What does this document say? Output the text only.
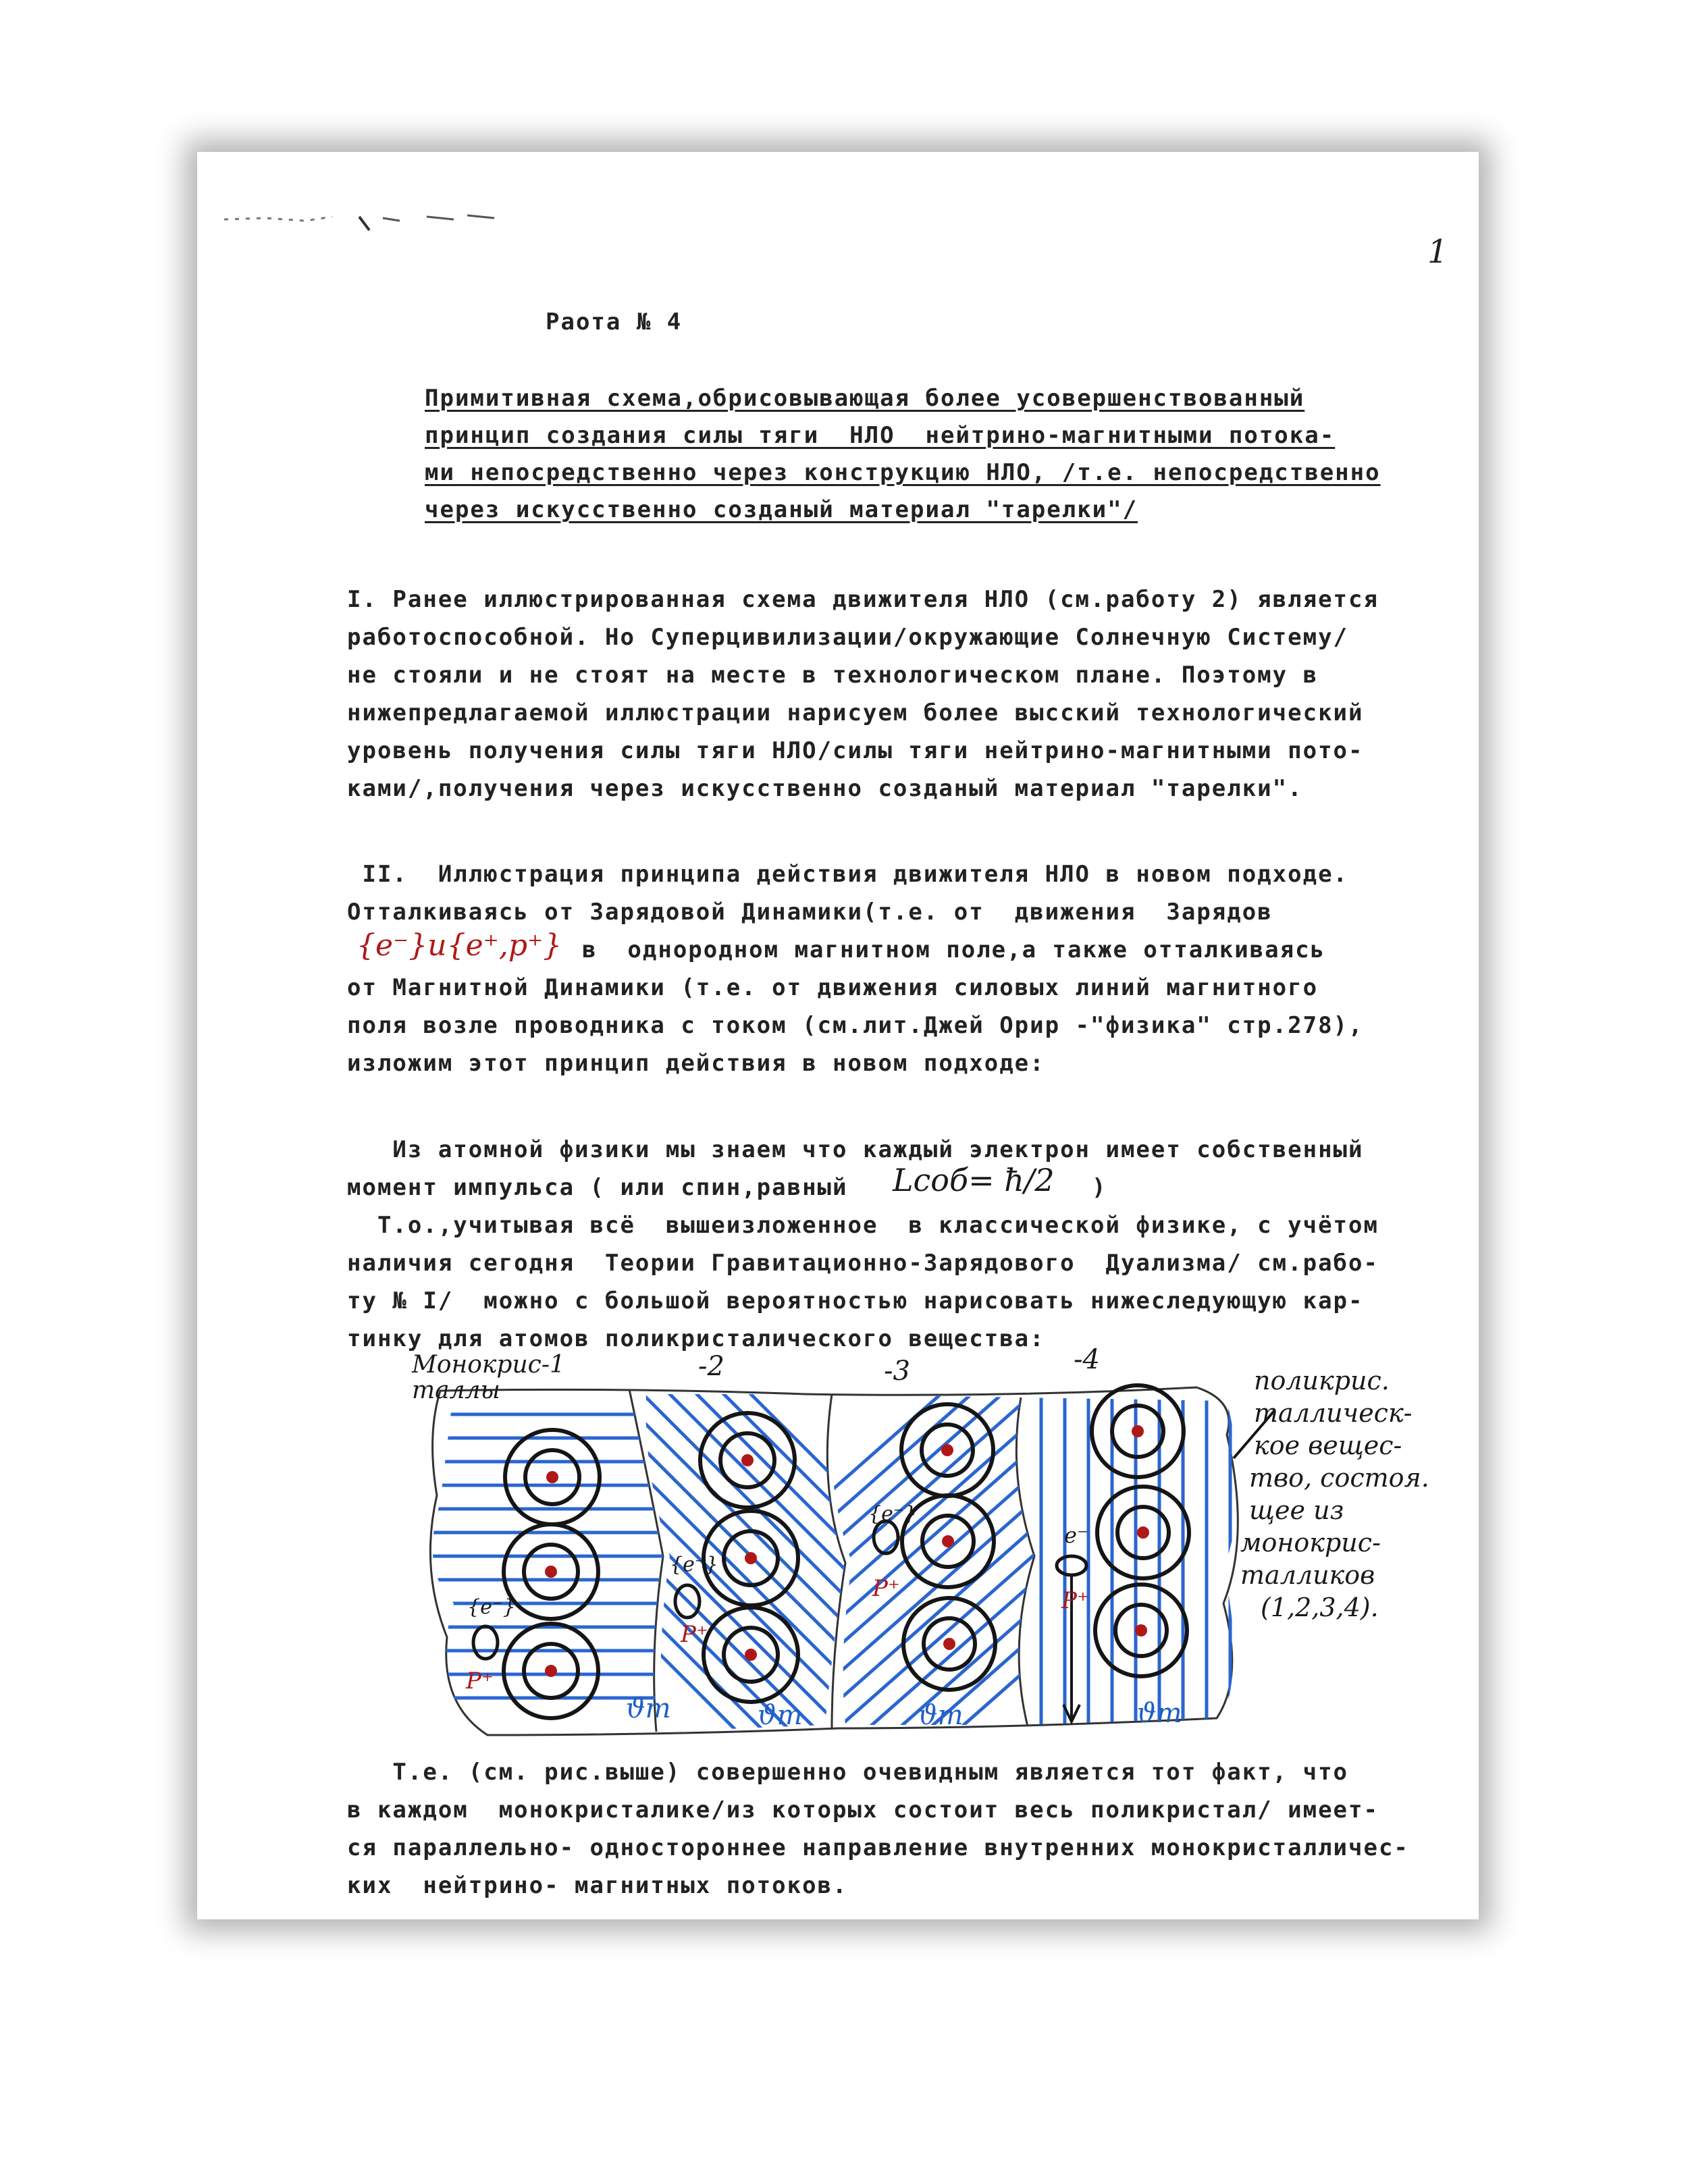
1
Раота № 4
Примитивная схема,обрисовывающая более усовершенствованный
принцип создания силы тяги  НЛО  нейтрино-магнитными потока-
ми непосредственно через конструкцию НЛО, /т.е. непосредственно
через искусственно созданый материал "тарелки"/
I. Ранее иллюстрированная схема движителя НЛО (см.работу 2) является
работоспособной. Но Суперцивилизации/окружающие Солнечную Систему/
не стояли и не стоят на месте в технологическом плане. Поэтому в
нижепредлагаемой иллюстрации нарисуем более высский технологический
уровень получения силы тяги НЛО/силы тяги нейтрино-магнитными пото-
ками/,получения через искусственно созданый материал "тарелки".
II.  Иллюстрация принципа действия движителя НЛО в новом подходе.
Отталкиваясь от Зарядовой Динамики(т.е. от  движения  Зарядов
{e⁻}и{e⁺,p⁺} в  однородном магнитном поле,а также отталкиваясь
от Магнитной Динамики (т.е. от движения силовых линий магнитного
поля возле проводника с током (см.лит.Джей Орир -"физика" стр.278),
изложим этот принцип действия в новом подходе:
Из атомной физики мы знаем что каждый электрон имеет собственный
момент импульса ( или спин,равный Lсоб= ħ/2 )
Т.о.,учитывая всё  вышеизложенное  в классической физике, с учётом
наличия сегодня  Теории Гравитационно-Зарядового  Дуализма/ см.рабо-
ту № I/  можно с большой вероятностью нарисовать нижеследующую кар-
тинку для атомов поликристалического вещества:
Монокрис-1
таллы
-2	-3	-4
{e⁻}
P⁺
{e⁻}
P⁺
{e⁻}
P⁺
e⁻
P⁺
ϑm	ϑm	ϑm	ϑm
поликрис.
таллическ-
кое вещес-
тво, состоя.
щее из
монокрис-
талликов
(1,2,3,4).
Т.е. (см. рис.выше) совершенно очевидным является тот факт, что
в каждом  монокристалике/из которых состоит весь поликристал/ имеет-
ся параллельно- одностороннее направление внутренних монокристалличес-
ких  нейтрино- магнитных потоков.
